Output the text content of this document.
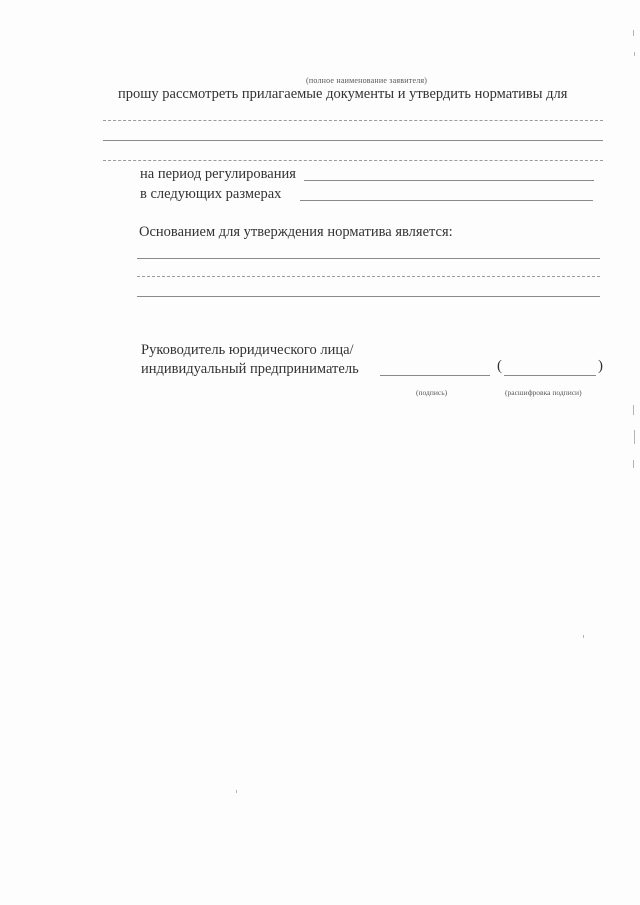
(полное наименование заявителя)
прошу рассмотреть прилагаемые документы и утвердить нормативы для
на период регулирования
в следующих размерах
Основанием для утверждения норматива является:
Руководитель юридического лица/
индивидуальный предприниматель	(	)
(подпись)	(расшифровка подписи)
